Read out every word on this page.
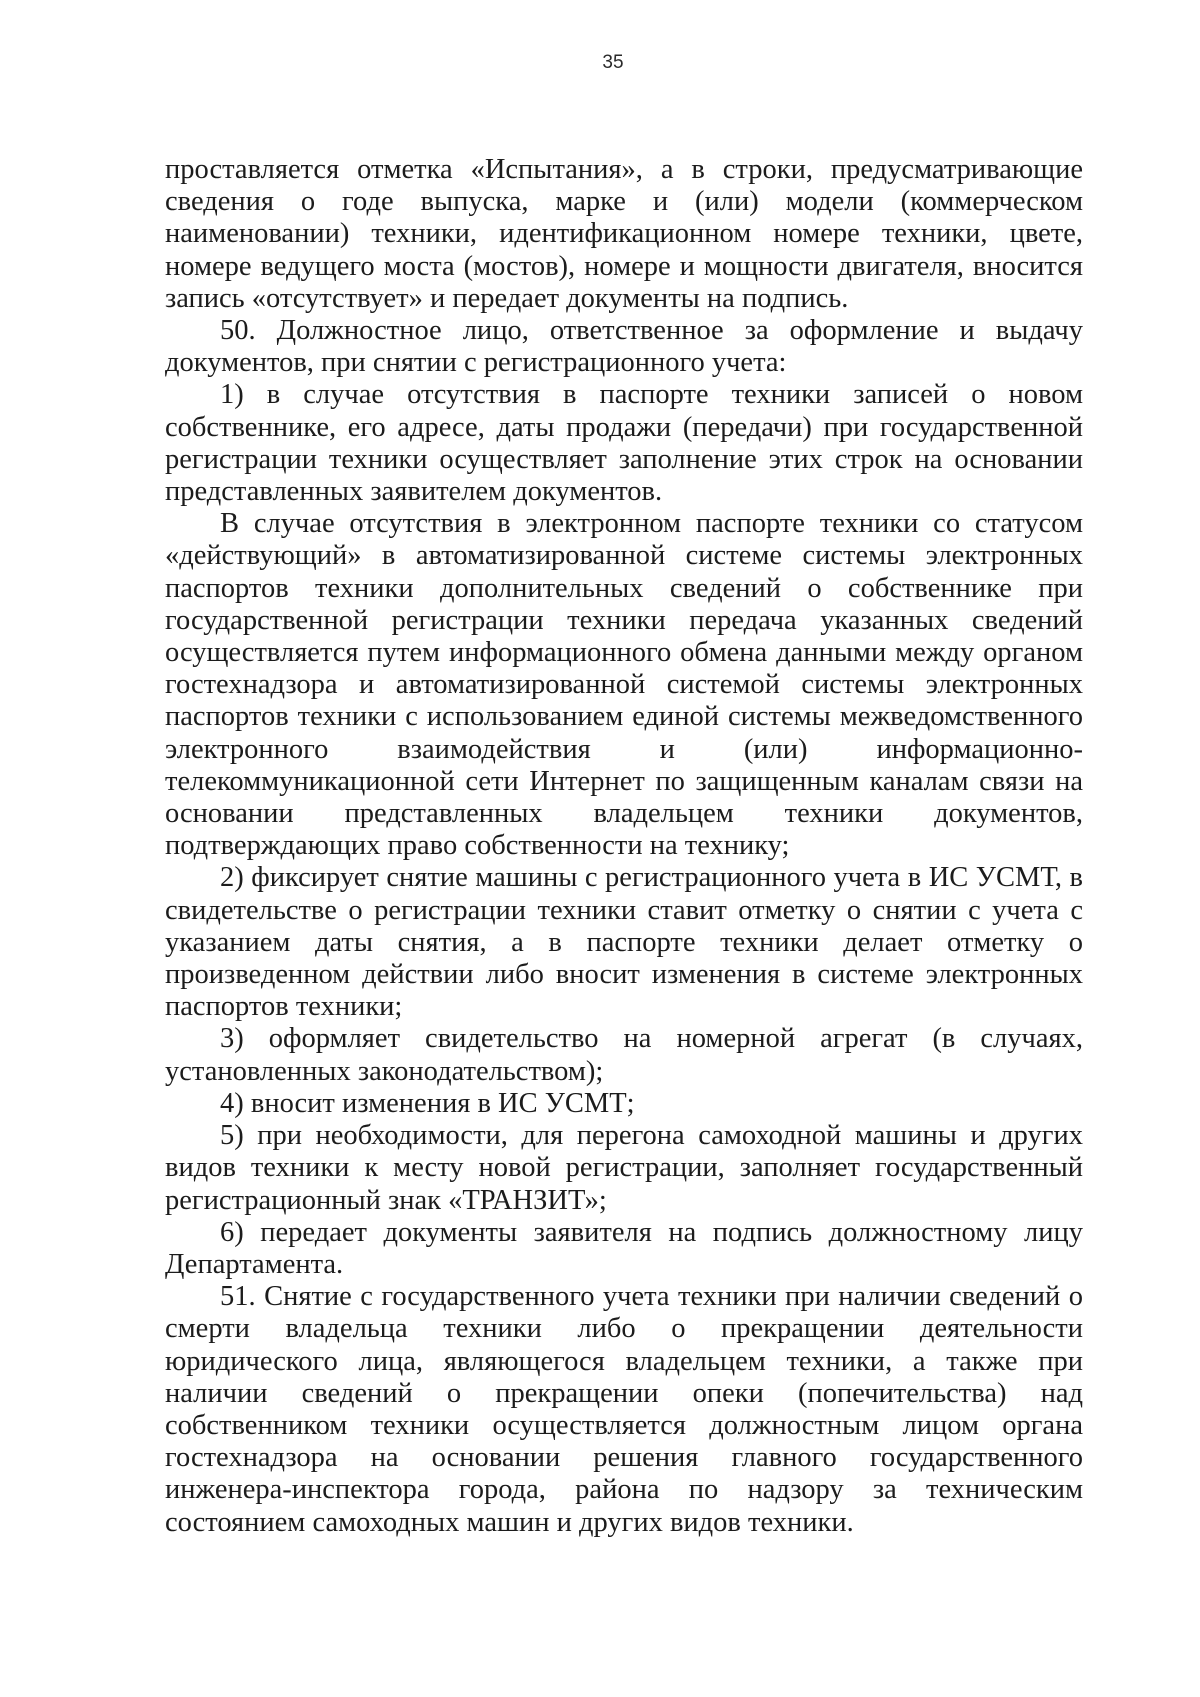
35

проставляется отметка «Испытания», а в строки, предусматривающие сведения о годе выпуска, марке и (или) модели (коммерческом наименовании) техники, идентификационном номере техники, цвете, номере ведущего моста (мостов), номере и мощности двигателя, вносится запись «отсутствует» и передает документы на подпись.

50. Должностное лицо, ответственное за оформление и выдачу документов, при снятии с регистрационного учета:

1) в случае отсутствия в паспорте техники записей о новом собственнике, его адресе, даты продажи (передачи) при государственной регистрации техники осуществляет заполнение этих строк на основании представленных заявителем документов.

В случае отсутствия в электронном паспорте техники со статусом «действующий» в автоматизированной системе системы электронных паспортов техники дополнительных сведений о собственнике при государственной регистрации техники передача указанных сведений осуществляется путем информационного обмена данными между органом гостехнадзора и автоматизированной системой системы электронных паспортов техники с использованием единой системы межведомственного электронного взаимодействия и (или) информационно-телекоммуникационной сети Интернет по защищенным каналам связи на основании представленных владельцем техники документов, подтверждающих право собственности на технику;

2) фиксирует снятие машины с регистрационного учета в ИС УСМТ, в свидетельстве о регистрации техники ставит отметку о снятии с учета с указанием даты снятия, а в паспорте техники делает отметку о произведенном действии либо вносит изменения в системе электронных паспортов техники;

3) оформляет свидетельство на номерной агрегат (в случаях, установленных законодательством);

4) вносит изменения в ИС УСМТ;

5) при необходимости, для перегона самоходной машины и других видов техники к месту новой регистрации, заполняет государственный регистрационный знак «ТРАНЗИТ»;

6) передает документы заявителя на подпись должностному лицу Департамента.

51. Снятие с государственного учета техники при наличии сведений о смерти владельца техники либо о прекращении деятельности юридического лица, являющегося владельцем техники, а также при наличии сведений о прекращении опеки (попечительства) над собственником техники осуществляется должностным лицом органа гостехнадзора на основании решения главного государственного инженера-инспектора города, района по надзору за техническим состоянием самоходных машин и других видов техники.
